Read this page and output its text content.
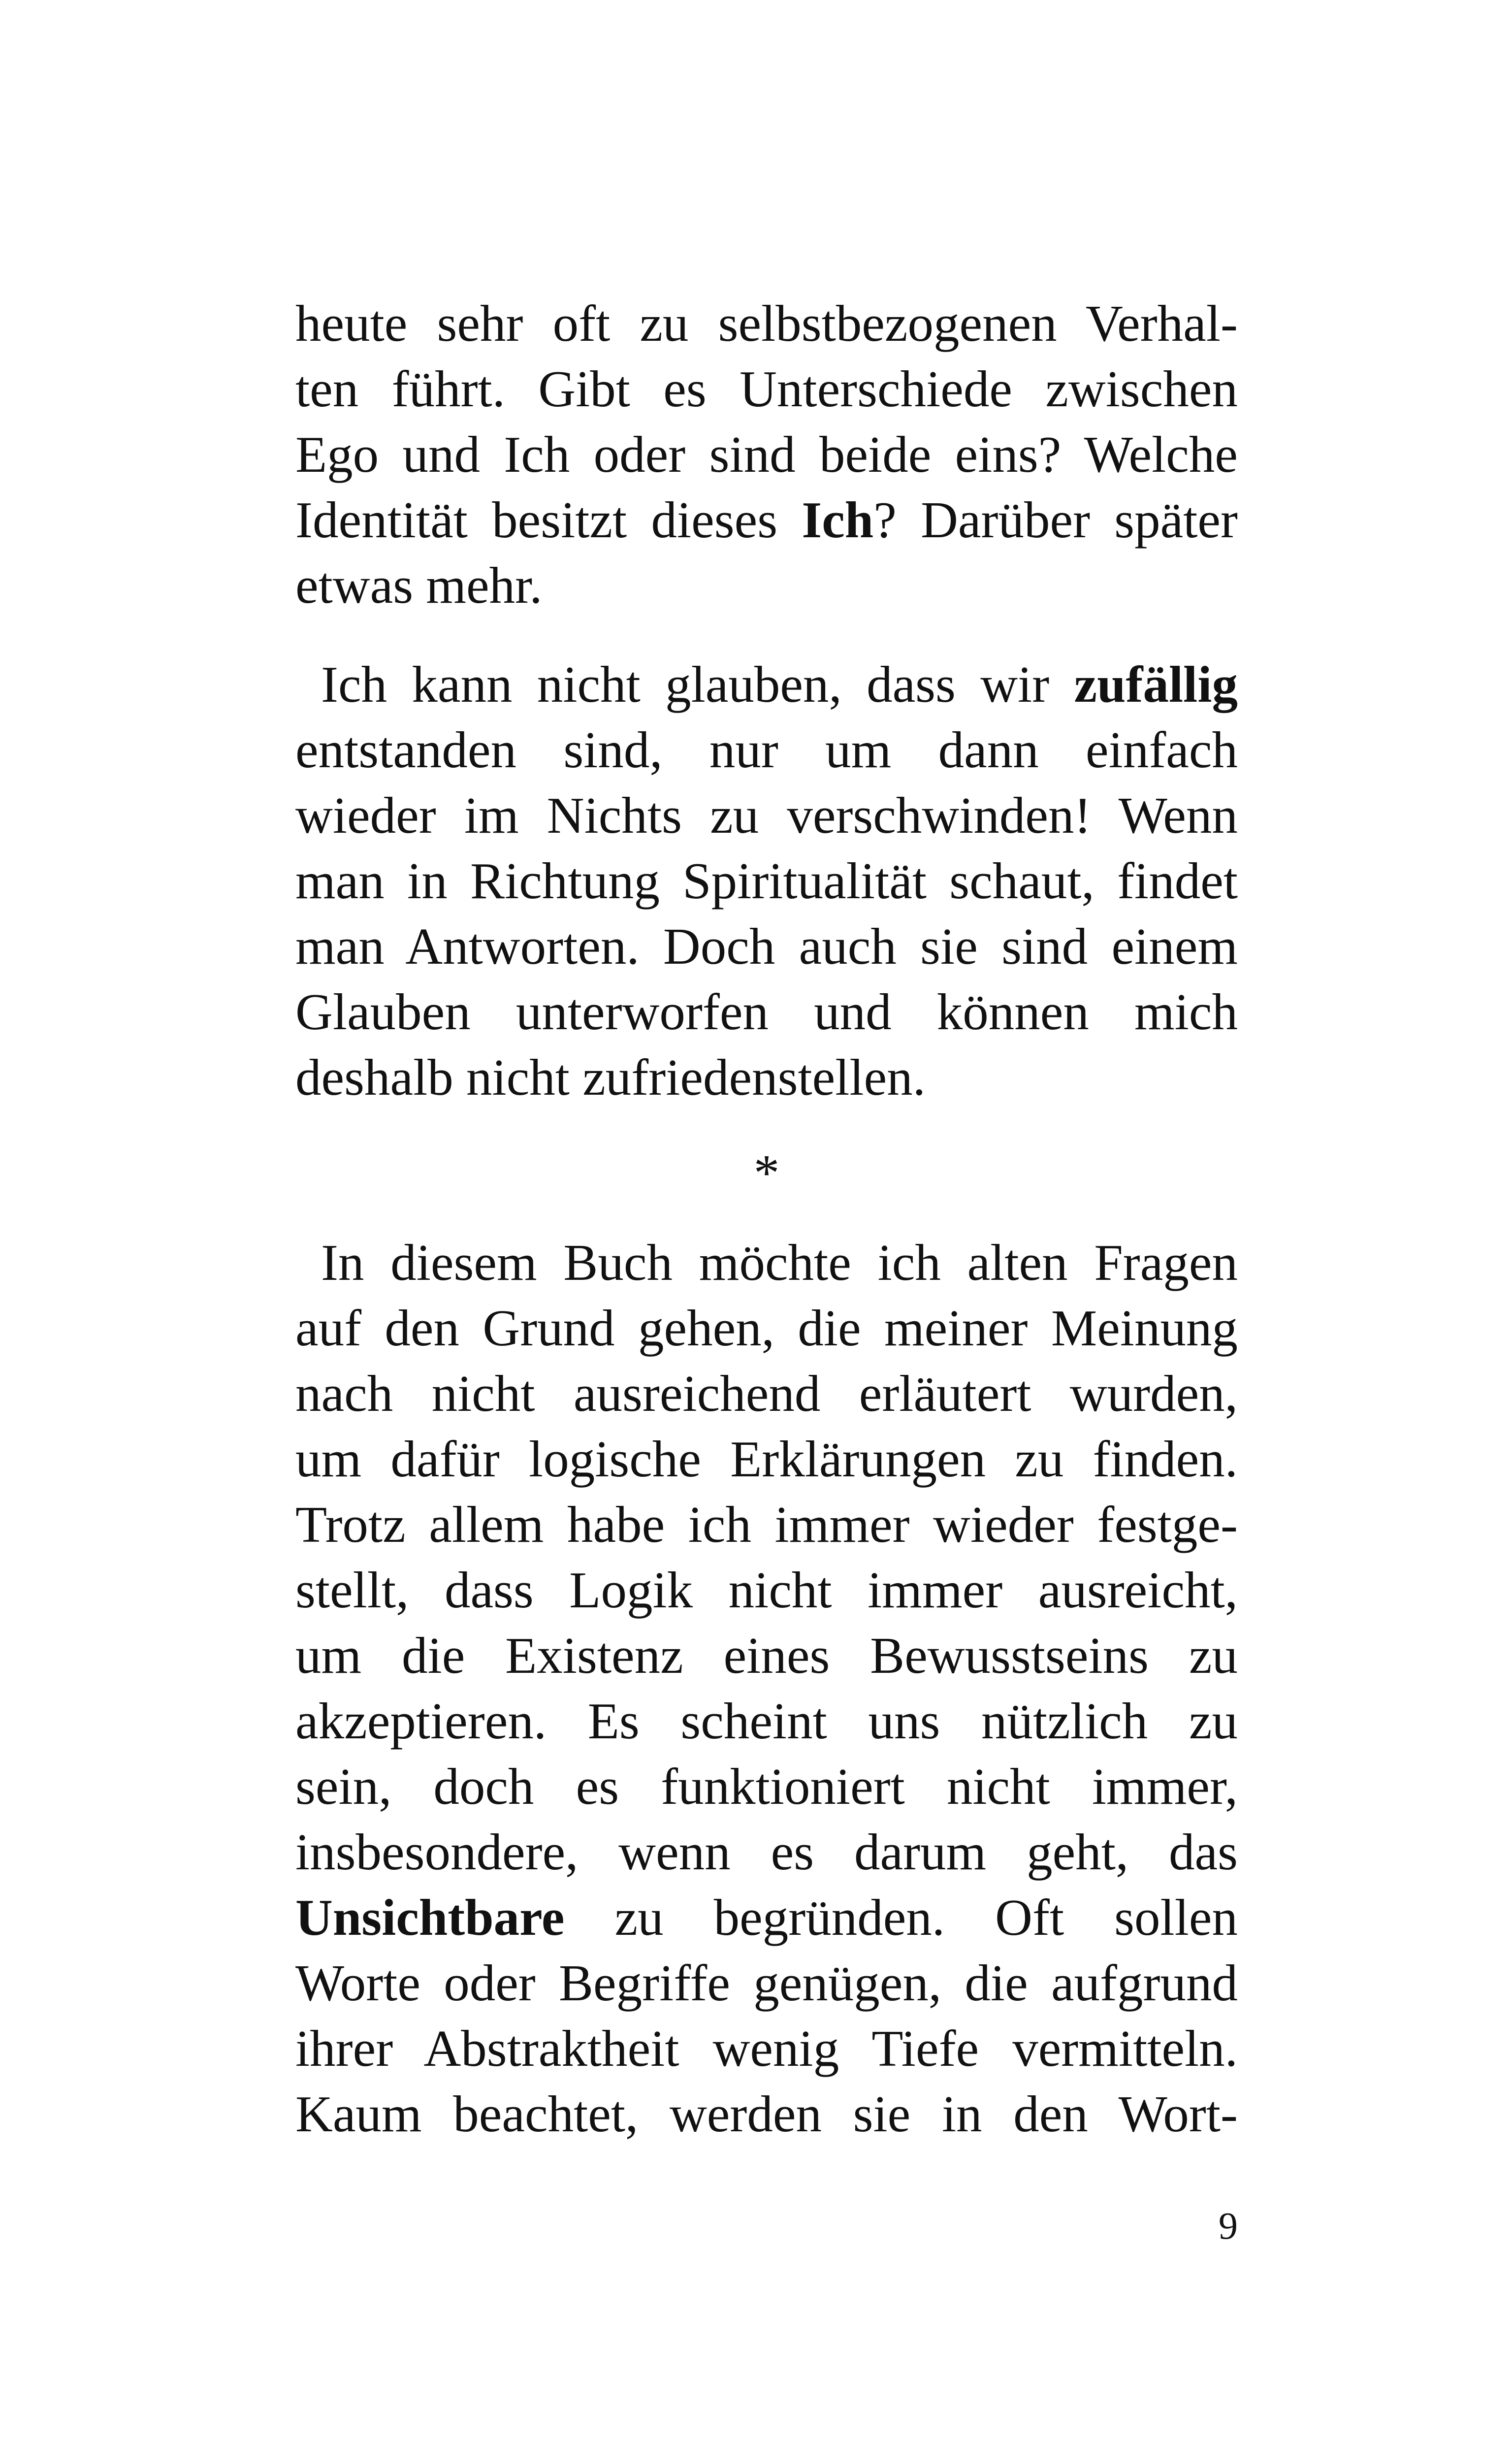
heute sehr oft zu selbstbezogenen Verhal-
ten führt. Gibt es Unterschiede zwischen
Ego und Ich oder sind beide eins? Welche
Identität besitzt dieses Ich? Darüber später
etwas mehr.
Ich kann nicht glauben, dass wir zufällig
entstanden sind, nur um dann einfach
wieder im Nichts zu verschwinden! Wenn
man in Richtung Spiritualität schaut, findet
man Antworten. Doch auch sie sind einem
Glauben unterworfen und können mich
deshalb nicht zufriedenstellen.
*
In diesem Buch möchte ich alten Fragen
auf den Grund gehen, die meiner Meinung
nach nicht ausreichend erläutert wurden,
um dafür logische Erklärungen zu finden.
Trotz allem habe ich immer wieder festge-
stellt, dass Logik nicht immer ausreicht,
um die Existenz eines Bewusstseins zu
akzeptieren. Es scheint uns nützlich zu
sein, doch es funktioniert nicht immer,
insbesondere, wenn es darum geht, das
Unsichtbare zu begründen. Oft sollen
Worte oder Begriffe genügen, die aufgrund
ihrer Abstraktheit wenig Tiefe vermitteln.
Kaum beachtet, werden sie in den Wort-
9
